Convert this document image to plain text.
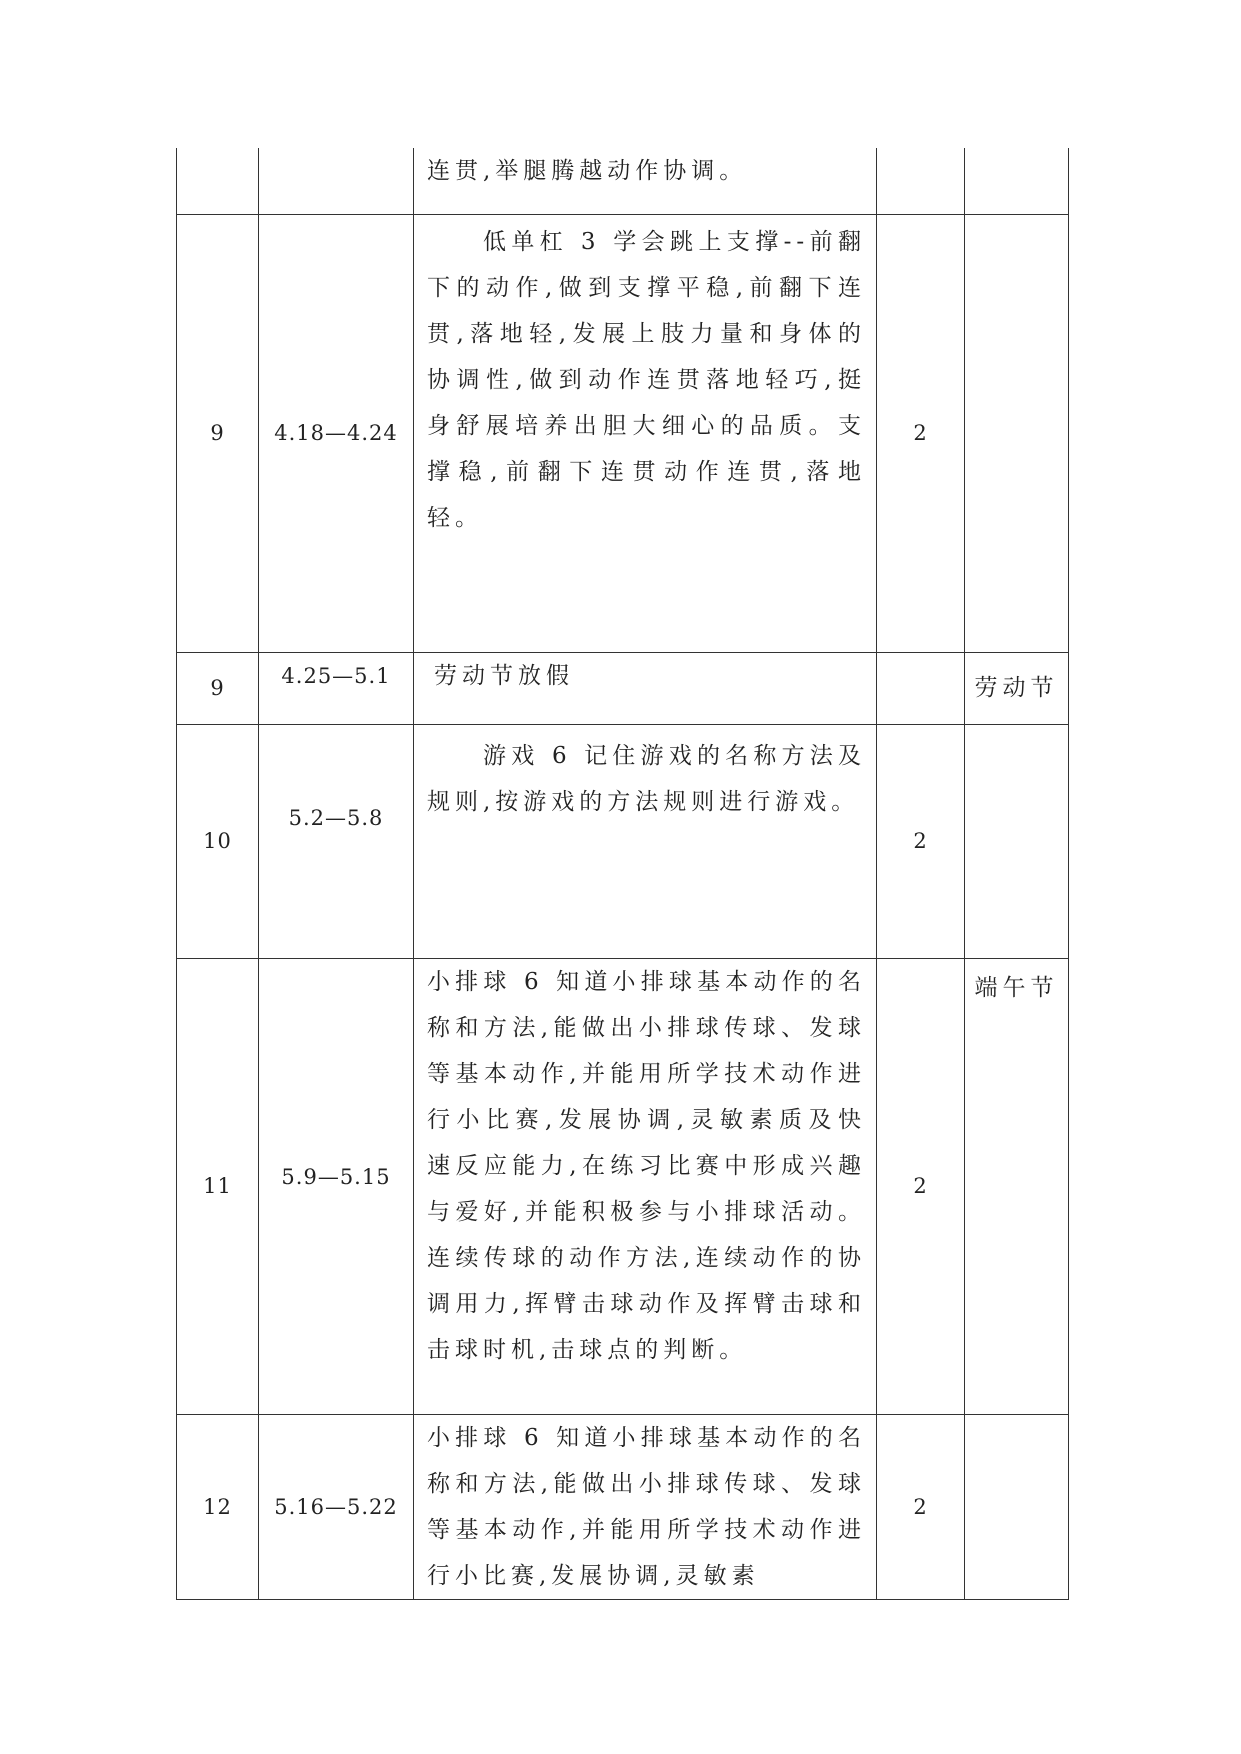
		连贯,举腿腾越动作协调。		

9	4.18—4.24	低单杠 3 学会跳上支撑--前翻下的动作,做到支撑平稳,前翻下连贯,落地轻,发展上肢力量和身体的协调性,做到动作连贯落地轻巧,挺身舒展培养出胆大细心的品质。支撑稳,前翻下连贯动作连贯,落地轻。	2	
9	4.25—5.1	劳动节放假		劳动节
10	5.2—5.8	游戏 6 记住游戏的名称方法及规则,按游戏的方法规则进行游戏。	2	
11	5.9—5.15	小排球 6 知道小排球基本动作的名称和方法,能做出小排球传球、发球等基本动作,并能用所学技术动作进行小比赛,发展协调,灵敏素质及快速反应能力,在练习比赛中形成兴趣与爱好,并能积极参与小排球活动。 连续传球的动作方法,连续动作的协调用力,挥臂击球动作及挥臂击球和击球时机,击球点的判断。	2	端午节
12	5.16—5.22	小排球 6 知道小排球基本动作的名称和方法,能做出小排球传球、发球等基本动作,并能用所学技术动作进行小比赛,发展协调,灵敏素	2	
